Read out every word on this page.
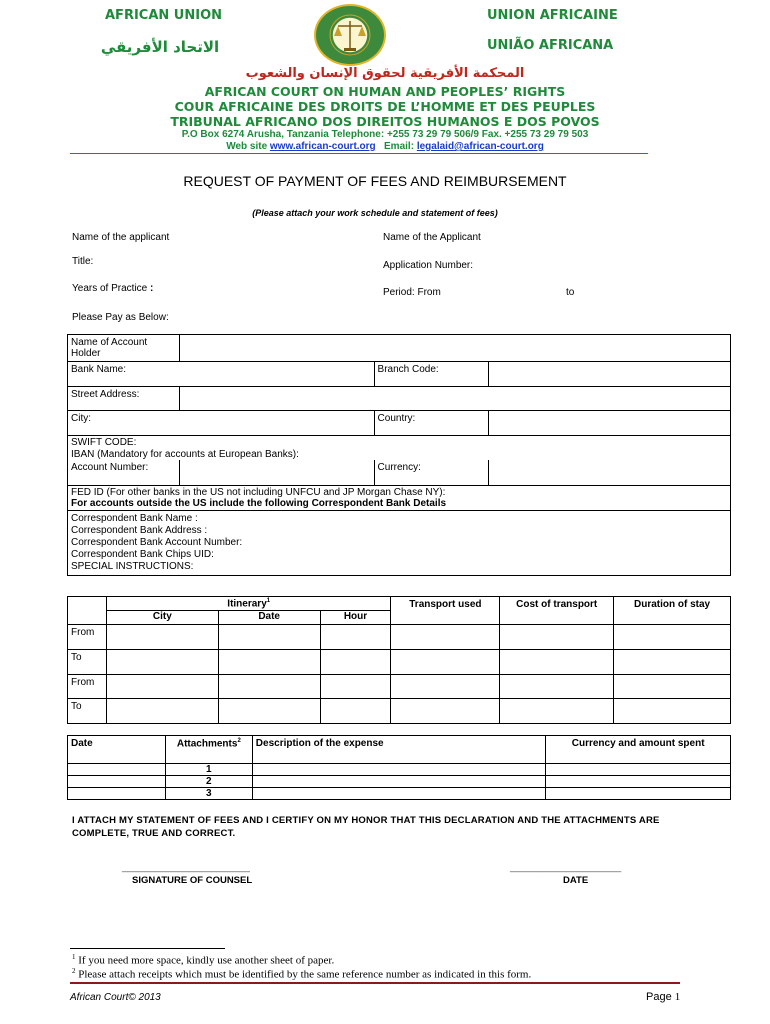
AFRICAN UNION
الاتحاد الأفريقي
UNION AFRICAINE
UNIÃO AFRICANA
المحكمة الأفريقية لحقوق الإنسان والشعوب
AFRICAN COURT ON HUMAN AND PEOPLES’ RIGHTS
COUR AFRICAINE DES DROITS DE L’HOMME ET DES PEUPLES
TRIBUNAL AFRICANO DOS DIREITOS HUMANOS E DOS POVOS
P.O Box 6274 Arusha, Tanzania Telephone: +255 73 29 79 506/9 Fax. +255 73 29 79 503
Web site www.african-court.org Email: legalaid@african-court.org
REQUEST OF PAYMENT OF FEES AND REIMBURSEMENT
(Please attach your work schedule and statement of fees)
Name of the applicant	Name of the Applicant
Title:	Application Number:
Years of Practice :	Period: From	to
Please Pay as Below:
Name of Account Holder			
Bank Name:		Branch Code:	
Street Address:			
City:		Country:	

SWIFT CODE:
IBAN (Mandatory for accounts at European Banks):			

Account Number:		Currency:	

FED ID (For other banks in the US not including UNFCU and JP Morgan Chase NY):
For accounts outside the US include the following Correspondent Bank Details			

Correspondent Bank Name :
Correspondent Bank Address :
Correspondent Bank Account Number:
Correspondent Bank Chips UID:
SPECIAL INSTRUCTIONS:			
	Itinerary$^1$			Transport used	Cost of transport	Duration of stay
	City	Date	Hour			
From						
To						
From						
To						
Date	Attachments$^2$	Description of the expense	Currency and amount spent
	1		
	2		
	3		
I ATTACH MY STATEMENT OF FEES AND I CERTIFY ON MY HONOR THAT THIS DECLARATION AND THE ATTACHMENTS ARE COMPLETE, TRUE AND CORRECT.
_______________________
SIGNATURE OF COUNSEL
____________________
DATE
$^1$ If you need more space, kindly use another sheet of paper.
$^2$ Please attach receipts which must be identified by the same reference number as indicated in this form.
African Court© 2013	Page 1
